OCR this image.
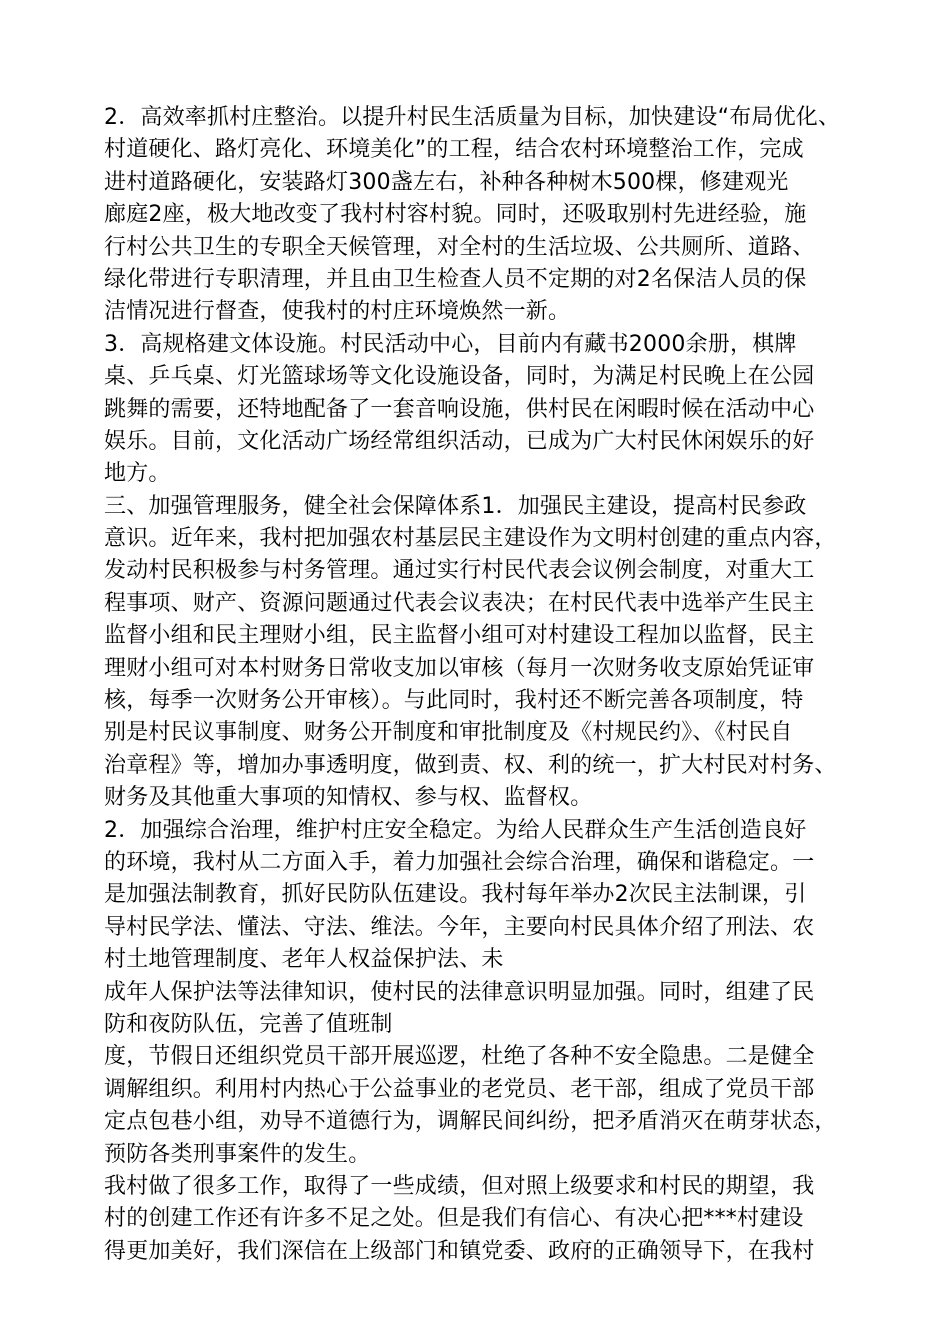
2．高效率抓村庄整治。以提升村民生活质量为目标，加快建设“布局优化、
村道硬化、路灯亮化、环境美化”的工程，结合农村环境整治工作，完成
进村道路硬化，安装路灯300盏左右，补种各种树木500棵，修建观光
廊庭2座，极大地改变了我村村容村貌。同时，还吸取别村先进经验，施
行村公共卫生的专职全天候管理，对全村的生活垃圾、公共厕所、道路、
绿化带进行专职清理，并且由卫生检查人员不定期的对2名保洁人员的保
洁情况进行督查，使我村的村庄环境焕然一新。
3．高规格建文体设施。村民活动中心，目前内有藏书2000余册，棋牌
桌、乒乓桌、灯光篮球场等文化设施设备，同时，为满足村民晚上在公园
跳舞的需要，还特地配备了一套音响设施，供村民在闲暇时候在活动中心
娱乐。目前，文化活动广场经常组织活动，已成为广大村民休闲娱乐的好
地方。
三、加强管理服务，健全社会保障体系1．加强民主建设，提高村民参政
意识。近年来，我村把加强农村基层民主建设作为文明村创建的重点内容，
发动村民积极参与村务管理。通过实行村民代表会议例会制度，对重大工
程事项、财产、资源问题通过代表会议表决；在村民代表中选举产生民主
监督小组和民主理财小组，民主监督小组可对村建设工程加以监督，民主
理财小组可对本村财务日常收支加以审核（每月一次财务收支原始凭证审
核，每季一次财务公开审核）。与此同时，我村还不断完善各项制度，特
别是村民议事制度、财务公开制度和审批制度及《村规民约》、《村民自
治章程》等，增加办事透明度，做到责、权、利的统一，扩大村民对村务、
财务及其他重大事项的知情权、参与权、监督权。
2．加强综合治理，维护村庄安全稳定。为给人民群众生产生活创造良好
的环境，我村从二方面入手，着力加强社会综合治理，确保和谐稳定。一
是加强法制教育，抓好民防队伍建设。我村每年举办2次民主法制课，引
导村民学法、懂法、守法、维法。今年，主要向村民具体介绍了刑法、农
村土地管理制度、老年人权益保护法、未
成年人保护法等法律知识，使村民的法律意识明显加强。同时，组建了民
防和夜防队伍，完善了值班制
度，节假日还组织党员干部开展巡逻，杜绝了各种不安全隐患。二是健全
调解组织。利用村内热心于公益事业的老党员、老干部，组成了党员干部
定点包巷小组，劝导不道德行为，调解民间纠纷，把矛盾消灭在萌芽状态，
预防各类刑事案件的发生。
我村做了很多工作，取得了一些成绩，但对照上级要求和村民的期望，我
村的创建工作还有许多不足之处。但是我们有信心、有决心把***村建设
得更加美好，我们深信在上级部门和镇党委、政府的正确领导下，在我村
